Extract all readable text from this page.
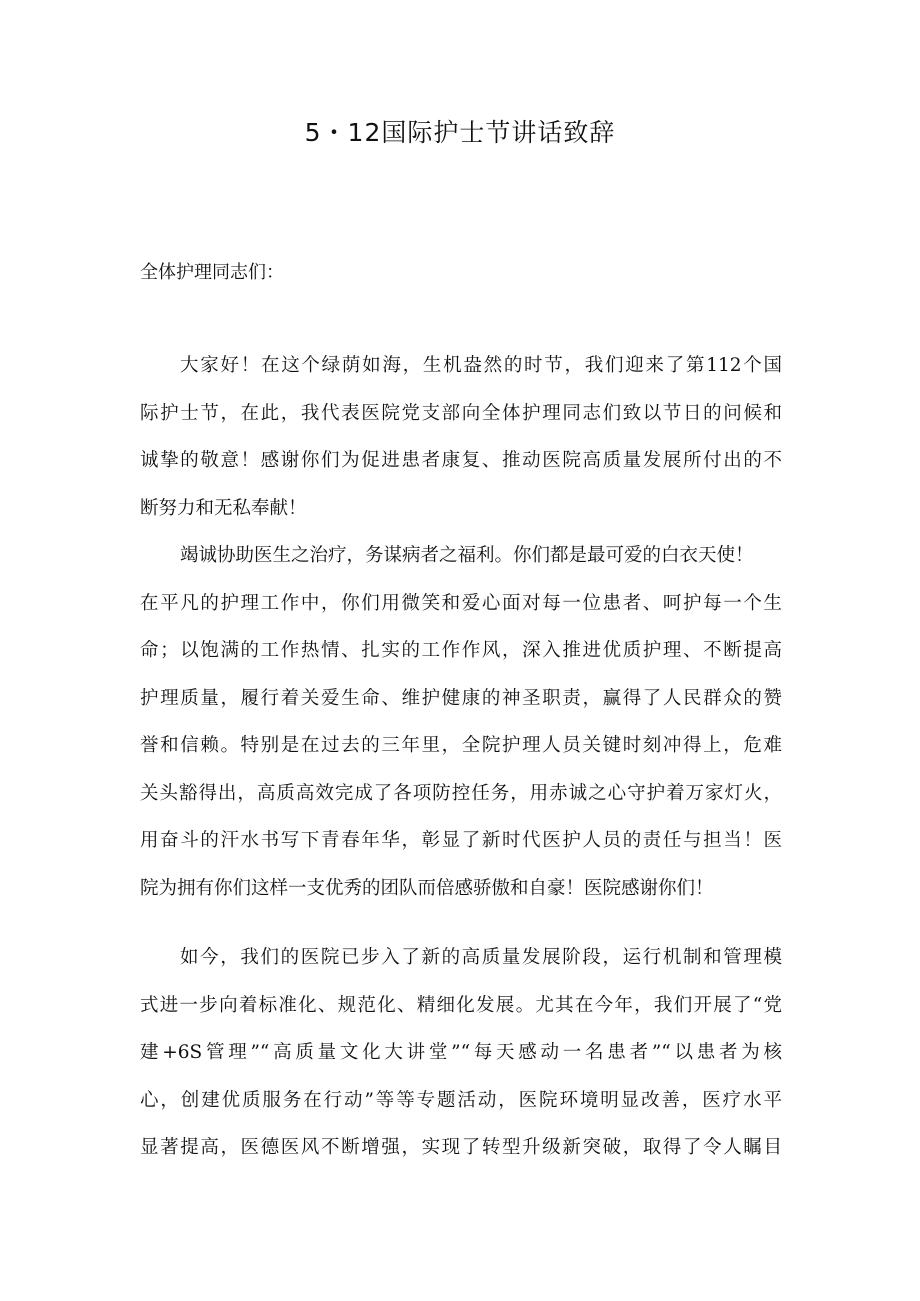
5・12国际护士节讲话致辞
全体护理同志们：
大家好！在这个绿荫如海，生机盎然的时节，我们迎来了第112个国
际护士节，在此，我代表医院党支部向全体护理同志们致以节日的问候和
诚挚的敬意！感谢你们为促进患者康复、推动医院高质量发展所付出的不
断努力和无私奉献！
竭诚协助医生之治疗，务谋病者之福利。你们都是最可爱的白衣天使！
在平凡的护理工作中，你们用微笑和爱心面对每一位患者、呵护每一个生
命；以饱满的工作热情、扎实的工作作风，深入推进优质护理、不断提高
护理质量，履行着关爱生命、维护健康的神圣职责，赢得了人民群众的赞
誉和信赖。特别是在过去的三年里，全院护理人员关键时刻冲得上，危难
关头豁得出，高质高效完成了各项防控任务，用赤诚之心守护着万家灯火，
用奋斗的汗水书写下青春年华，彰显了新时代医护人员的责任与担当！医
院为拥有你们这样一支优秀的团队而倍感骄傲和自豪！医院感谢你们！
如今，我们的医院已步入了新的高质量发展阶段，运行机制和管理模
式进一步向着标准化、规范化、精细化发展。尤其在今年，我们开展了“党
建+6S管理”“高质量文化大讲堂”“每天感动一名患者”“以患者为核
心，创建优质服务在行动”等等专题活动，医院环境明显改善，医疗水平
显著提高，医德医风不断增强，实现了转型升级新突破，取得了令人瞩目
